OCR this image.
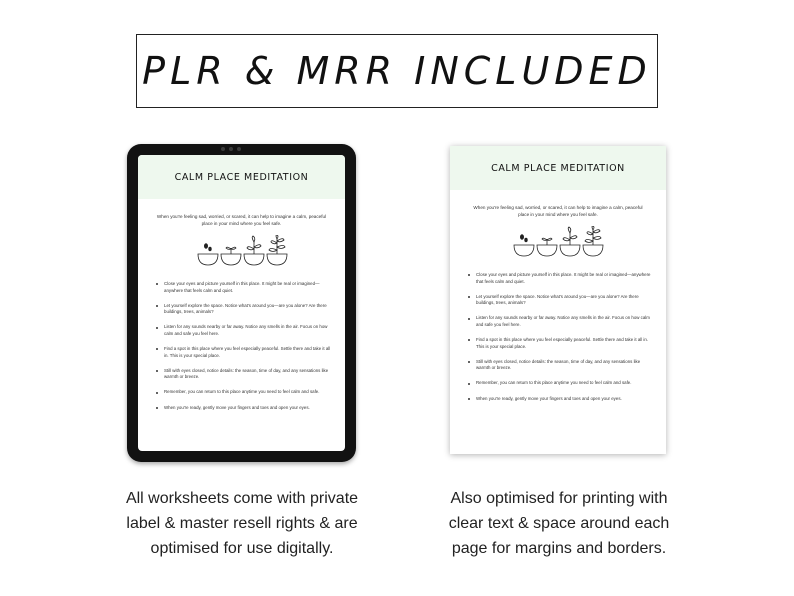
PLR & MRR INCLUDED
CALM PLACE MEDITATION
When you're feeling sad, worried, or scared, it can help to imagine a calm, peaceful place in your mind where you feel safe.
Close your eyes and picture yourself in this place. It might be real or imagined—anywhere that feels calm and quiet.
Let yourself explore the space. Notice what's around you—are you alone? Are there buildings, trees, animals?
Listen for any sounds nearby or far away. Notice any smells in the air. Focus on how calm and safe you feel here.
Find a spot in this place where you feel especially peaceful. Settle there and take it all in. This is your special place.
Still with eyes closed, notice details: the season, time of day, and any sensations like warmth or breeze.
Remember, you can return to this place anytime you need to feel calm and safe.
When you're ready, gently move your fingers and toes and open your eyes.
CALM PLACE MEDITATION
When you're feeling sad, worried, or scared, it can help to imagine a calm, peaceful place in your mind where you feel safe.
Close your eyes and picture yourself in this place. It might be real or imagined—anywhere that feels calm and quiet.
Let yourself explore the space. Notice what's around you—are you alone? Are there buildings, trees, animals?
Listen for any sounds nearby or far away. Notice any smells in the air. Focus on how calm and safe you feel here.
Find a spot in this place where you feel especially peaceful. Settle there and take it all in. This is your special place.
Still with eyes closed, notice details: the season, time of day, and any sensations like warmth or breeze.
Remember, you can return to this place anytime you need to feel calm and safe.
When you're ready, gently move your fingers and toes and open your eyes.
All worksheets come with private
label & master resell rights & are
optimised for use digitally.
Also optimised for printing with
clear text & space around each
page for margins and borders.
